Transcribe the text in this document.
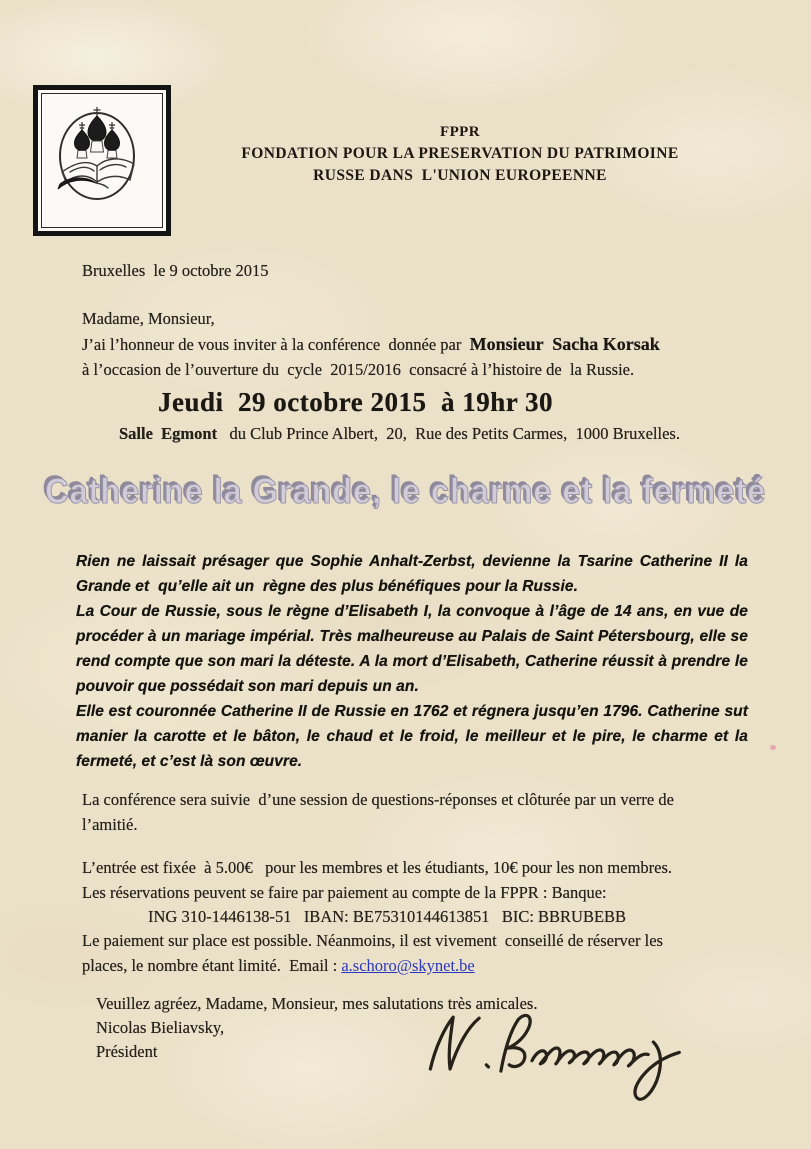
FPPR
FONDATION POUR LA PRESERVATION DU PATRIMOINE
RUSSE DANS  L'UNION EUROPEENNE
Bruxelles  le 9 octobre 2015
Madame, Monsieur,
J’ai l’honneur de vous inviter à la conférence  donnée par  Monsieur  Sacha Korsak
à l’occasion de l’ouverture du  cycle  2015/2016  consacré à l’histoire de  la Russie.
Jeudi  29 octobre 2015  à 19hr 30
Salle  Egmont   du Club Prince Albert,  20,  Rue des Petits Carmes,  1000 Bruxelles.
Catherine la Grande, le charme et la fermeté
Rien ne laissait présager que Sophie Anhalt-Zerbst, devienne la Tsarine Catherine II la
Grande et  qu’elle ait un  règne des plus bénéfiques pour la Russie.
La Cour de Russie, sous le règne d’Elisabeth I, la convoque à l’âge de 14 ans, en vue de
procéder à un mariage impérial. Très malheureuse au Palais de Saint Pétersbourg, elle se
rend compte que son mari la déteste. A la mort d’Elisabeth, Catherine réussit à prendre le
pouvoir que possédait son mari depuis un an.
Elle est couronnée Catherine II de Russie en 1762 et régnera jusqu’en 1796. Catherine sut
manier la carotte et le bâton, le chaud et le froid, le meilleur et le pire, le charme et la
fermeté, et c’est là son œuvre.
La conférence sera suivie  d’une session de questions-réponses et clôturée par un verre de
l’amitié.
L’entrée est fixée  à 5.00€   pour les membres et les étudiants, 10€ pour les non membres.
Les réservations peuvent se faire par paiement au compte de la FPPR : Banque:
ING 310-1446138-51   IBAN: BE75310144613851   BIC: BBRUBEBB
Le paiement sur place est possible. Néanmoins, il est vivement  conseillé de réserver les
places, le nombre étant limité.  Email : a.schoro@skynet.be
Veuillez agréez, Madame, Monsieur, mes salutations très amicales.
Nicolas Bieliavsky,
Président
